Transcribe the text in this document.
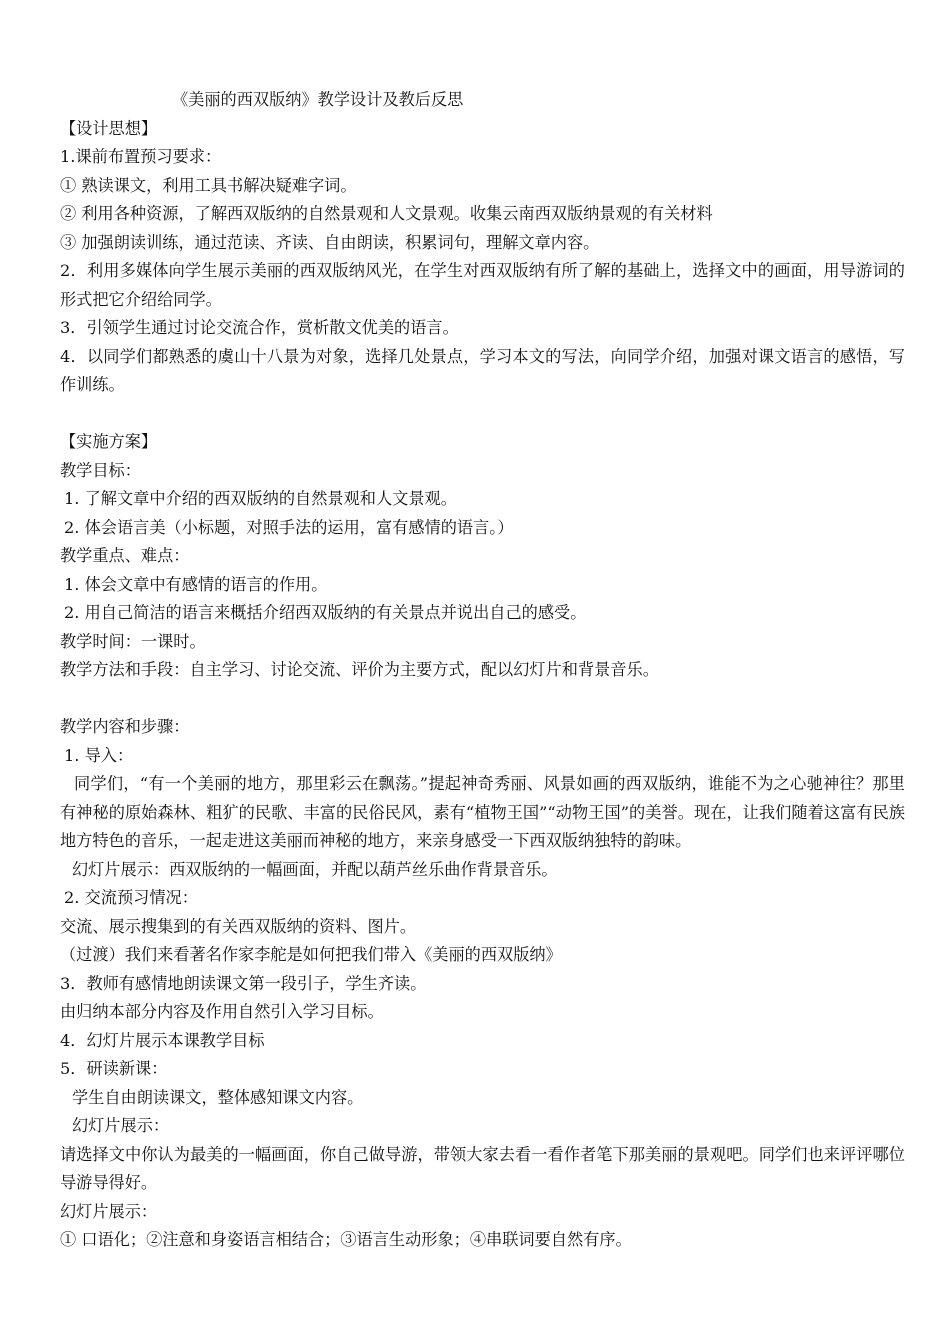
《美丽的西双版纳》教学设计及教后反思

【设计思想】

1.课前布置预习要求：

① 熟读课文，利用工具书解决疑难字词。

② 利用各种资源，了解西双版纳的自然景观和人文景观。收集云南西双版纳景观的有关材料

③ 加强朗读训练，通过范读、齐读、自由朗读，积累词句，理解文章内容。

2．利用多媒体向学生展示美丽的西双版纳风光，在学生对西双版纳有所了解的基础上，选择文中的画面，用导游词的形式把它介绍给同学。

3．引领学生通过讨论交流合作，赏析散文优美的语言。

4．以同学们都熟悉的虞山十八景为对象，选择几处景点，学习本文的写法，向同学介绍，加强对课文语言的感悟，写作训练。

【实施方案】

教学目标：

1. 了解文章中介绍的西双版纳的自然景观和人文景观。

2. 体会语言美（小标题，对照手法的运用，富有感情的语言。）

教学重点、难点：

1. 体会文章中有感情的语言的作用。

2. 用自己简洁的语言来概括介绍西双版纳的有关景点并说出自己的感受。

教学时间：一课时。

教学方法和手段：自主学习、讨论交流、评价为主要方式，配以幻灯片和背景音乐。

教学内容和步骤：

1. 导入：

同学们，“有一个美丽的地方，那里彩云在飘荡。”提起神奇秀丽、风景如画的西双版纳，谁能不为之心驰神往？那里有神秘的原始森林、粗犷的民歌、丰富的民俗民风，素有“植物王国”“动物王国”的美誉。现在，让我们随着这富有民族地方特色的音乐，一起走进这美丽而神秘的地方，来亲身感受一下西双版纳独特的韵味。

幻灯片展示：西双版纳的一幅画面，并配以葫芦丝乐曲作背景音乐。

2. 交流预习情况：

交流、展示搜集到的有关西双版纳的资料、图片。

（过渡）我们来看著名作家李舵是如何把我们带入《美丽的西双版纳》

3．教师有感情地朗读课文第一段引子，学生齐读。

由归纳本部分内容及作用自然引入学习目标。

4．幻灯片展示本课教学目标

5．研读新课：

学生自由朗读课文，整体感知课文内容。

幻灯片展示：

请选择文中你认为最美的一幅画面，你自己做导游，带领大家去看一看作者笔下那美丽的景观吧。同学们也来评评哪位导游导得好。

幻灯片展示：

① 口语化；②注意和身姿语言相结合；③语言生动形象；④串联词要自然有序。
